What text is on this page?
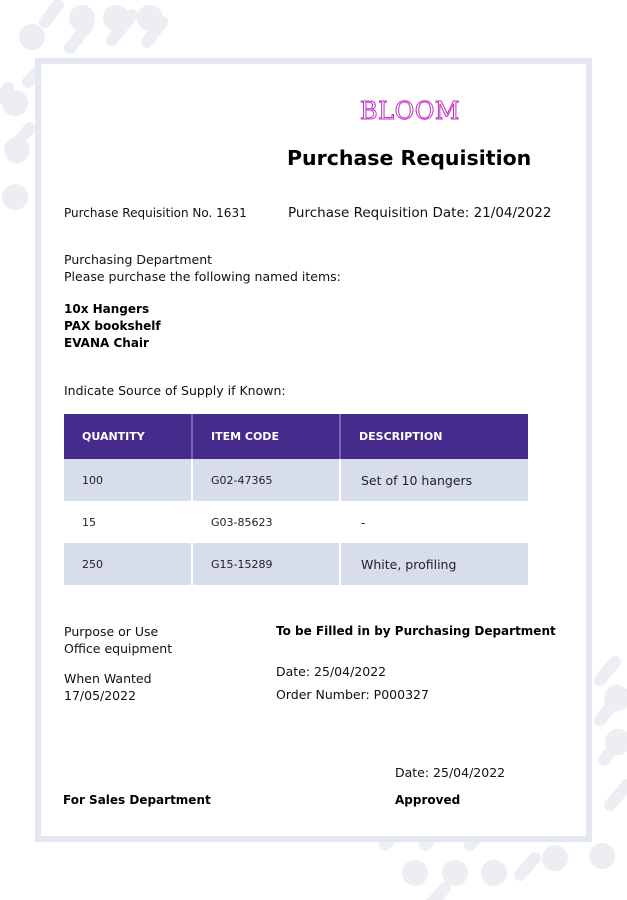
BLOOM
Purchase Requisition
Purchase Requisition No. 1631	Purchase Requisition Date: 21/04/2022
Purchasing Department
Please purchase the following named items:
10x Hangers
PAX bookshelf
EVANA Chair
Indicate Source of Supply if Known:
QUANTITY	ITEM CODE	DESCRIPTION
100	G02-47365	Set of 10 hangers
15	G03-85623	-
250	G15-15289	White, profiling
Purpose or Use
Office equipment
When Wanted
17/05/2022
To be Filled in by Purchasing Department
Date: 25/04/2022
Order Number: P000327
Date: 25/04/2022
For Sales Department	Approved
